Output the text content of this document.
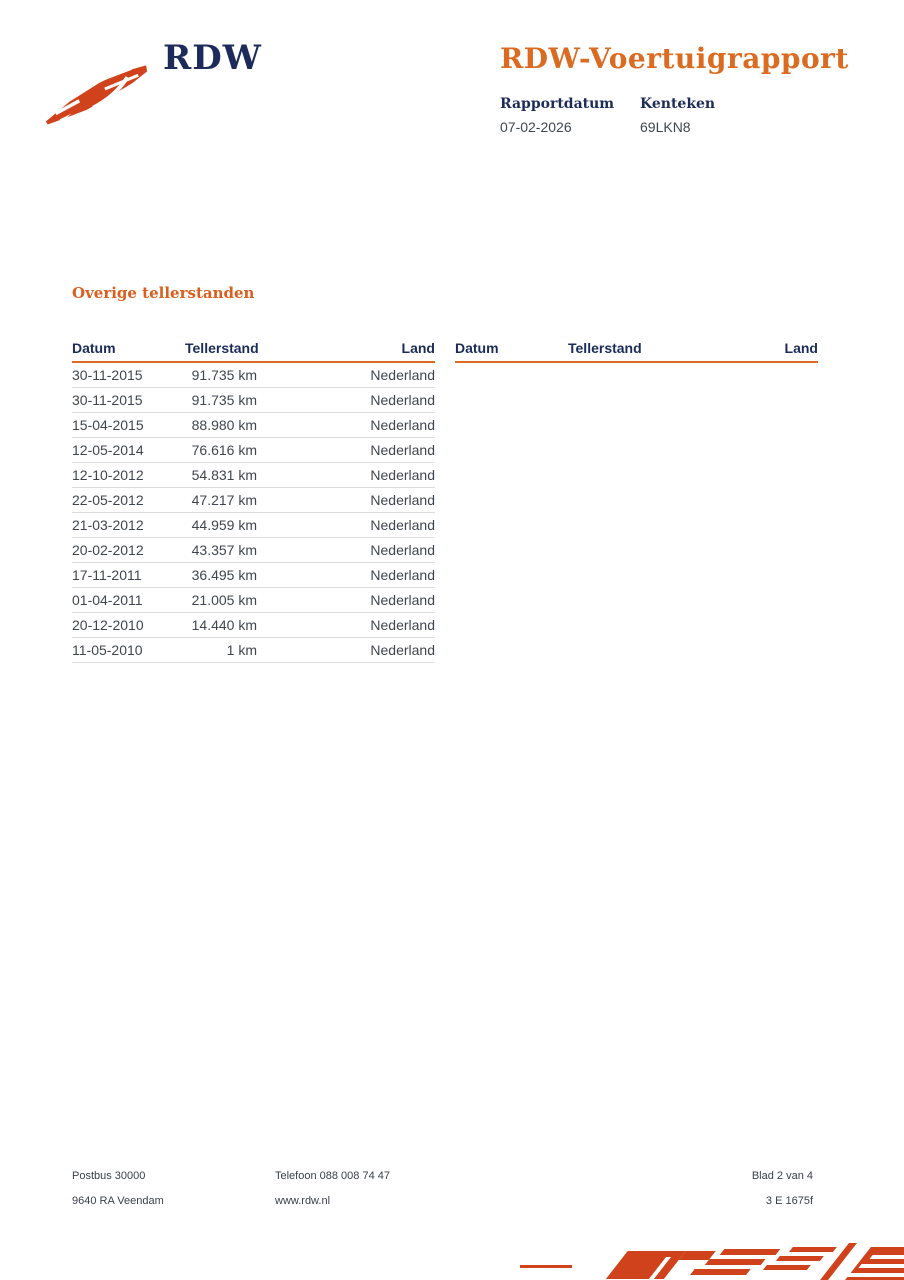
RDW	RDW-Voertuigrapport
Rapportdatum
07-02-2026
Kenteken
69LKN8
Overige tellerstanden
Datum	Tellerstand	Land
30-11-2015	91.735 km	Nederland
30-11-2015	91.735 km	Nederland
15-04-2015	88.980 km	Nederland
12-05-2014	76.616 km	Nederland
12-10-2012	54.831 km	Nederland
22-05-2012	47.217 km	Nederland
21-03-2012	44.959 km	Nederland
20-02-2012	43.357 km	Nederland
17-11-2011	36.495 km	Nederland
01-04-2011	21.005 km	Nederland
20-12-2010	14.440 km	Nederland
11-05-2010	1 km	Nederland
Datum	Tellerstand	Land
Postbus 30000
9640 RA Veendam
Telefoon 088 008 74 47
www.rdw.nl
Blad 2 van 4
3 E 1675f
